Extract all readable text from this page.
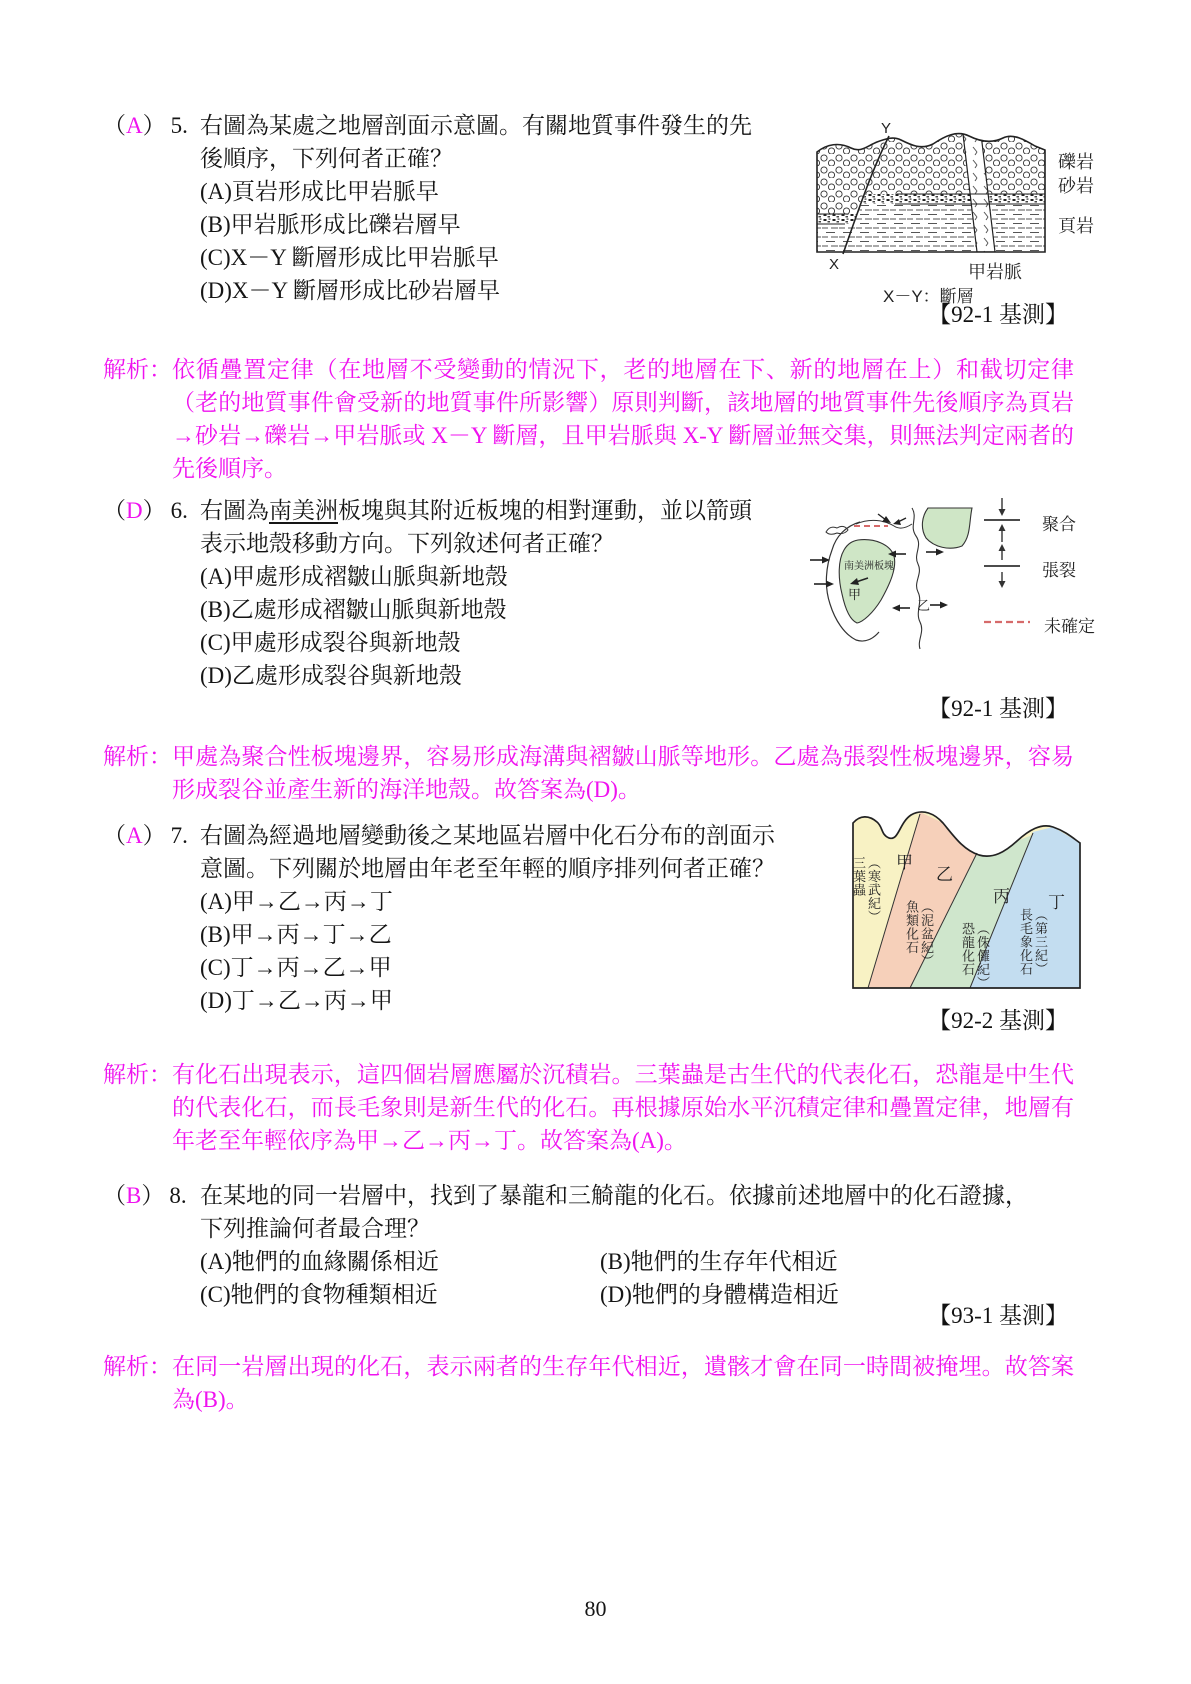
（A） 5. 右圖為某處之地層剖面示意圖。有關地質事件發生的先
後順序，下列何者正確？
(A)頁岩形成比甲岩脈早
(B)甲岩脈形成比礫岩層早
(C)X－Y 斷層形成比甲岩脈早
(D)X－Y 斷層形成比砂岩層早
Y
X
礫岩
砂岩
頁岩
甲岩脈
X－Y：斷層
【92-1 基測】
解析： 依循疊置定律（在地層不受變動的情況下，老的地層在下、新的地層在上）和截切定律（老的地質事件會受新的地質事件所影響）原則判斷，該地層的地質事件先後順序為頁岩→砂岩→礫岩→甲岩脈或 X－Y 斷層，且甲岩脈與 X-Y 斷層並無交集，則無法判定兩者的先後順序。
（D） 6. 右圖為南美洲板塊與其附近板塊的相對運動，並以箭頭
表示地殼移動方向。下列敘述何者正確？
(A)甲處形成褶皺山脈與新地殼
(B)乙處形成褶皺山脈與新地殼
(C)甲處形成裂谷與新地殼
(D)乙處形成裂谷與新地殼
南美洲板塊
甲
乙
聚合
張裂
未確定
【92-1 基測】
解析： 甲處為聚合性板塊邊界，容易形成海溝與褶皺山脈等地形。乙處為張裂性板塊邊界，容易形成裂谷並產生新的海洋地殼。故答案為(D)。
（A） 7. 右圖為經過地層變動後之某地區岩層中化石分布的剖面示
意圖。下列關於地層由年老至年輕的順序排列何者正確？
(A)甲→乙→丙→丁
(B)甲→丙→丁→乙
(C)丁→丙→乙→甲
(D)丁→乙→丙→甲
甲
乙
丙 丁
三葉蟲 （寒武紀）
魚類化石 （泥盆紀） 恐龍化石 （侏儸紀） 長毛象化石 （第三紀）
【92-2 基測】
解析： 有化石出現表示，這四個岩層應屬於沉積岩。三葉蟲是古生代的代表化石，恐龍是中生代的代表化石，而長毛象則是新生代的化石。再根據原始水平沉積定律和疊置定律，地層有年老至年輕依序為甲→乙→丙→丁。故答案為(A)。
（B） 8. 在某地的同一岩層中，找到了暴龍和三觭龍的化石。依據前述地層中的化石證據，
下列推論何者最合理？
(A)牠們的血緣關係相近	(B)牠們的生存年代相近
(C)牠們的食物種類相近	(D)牠們的身體構造相近
【93-1 基測】
解析： 在同一岩層出現的化石，表示兩者的生存年代相近，遺骸才會在同一時間被掩埋。故答案為(B)。
80
